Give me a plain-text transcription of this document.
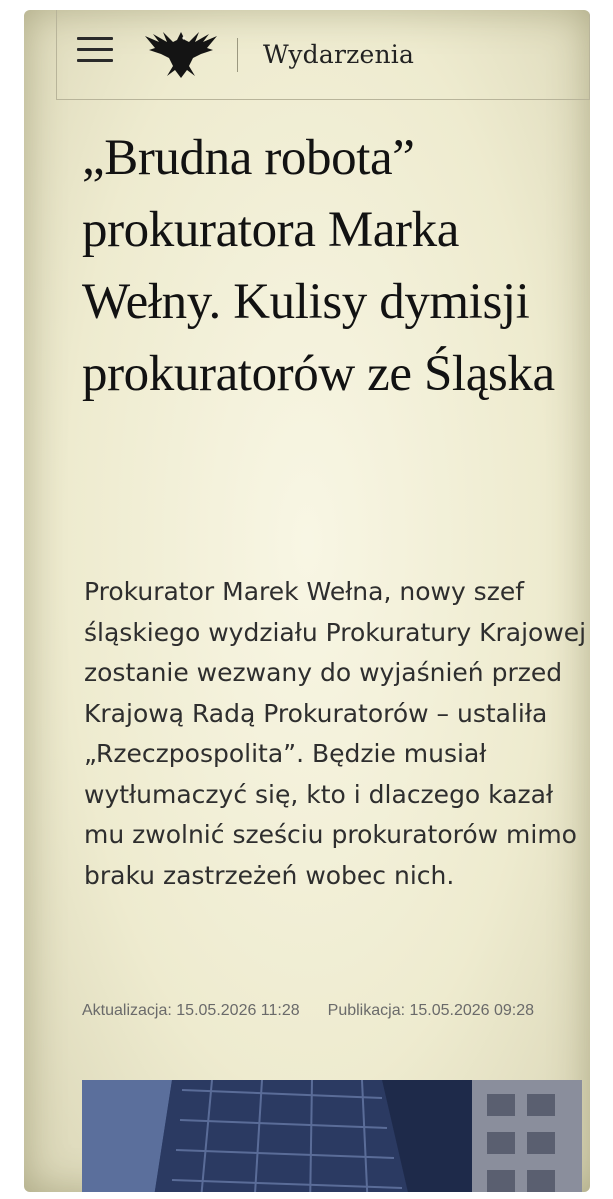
Wydarzenia
„Brudna robota” prokuratora Marka Wełny. Kulisy dymisji prokuratorów ze Śląska

Prokurator Marek Wełna, nowy szef śląskiego wydziału Prokuratury Krajowej zostanie wezwany do wyjaśnień przed Krajową Radą Prokuratorów – ustaliła „Rzeczpospolita”. Będzie musiał wytłumaczyć się, kto i dlaczego kazał mu zwolnić sześciu prokuratorów mimo braku zastrzeżeń wobec nich.

Aktualizacja: 15.05.2026 11:28 Publikacja: 15.05.2026 09:28
